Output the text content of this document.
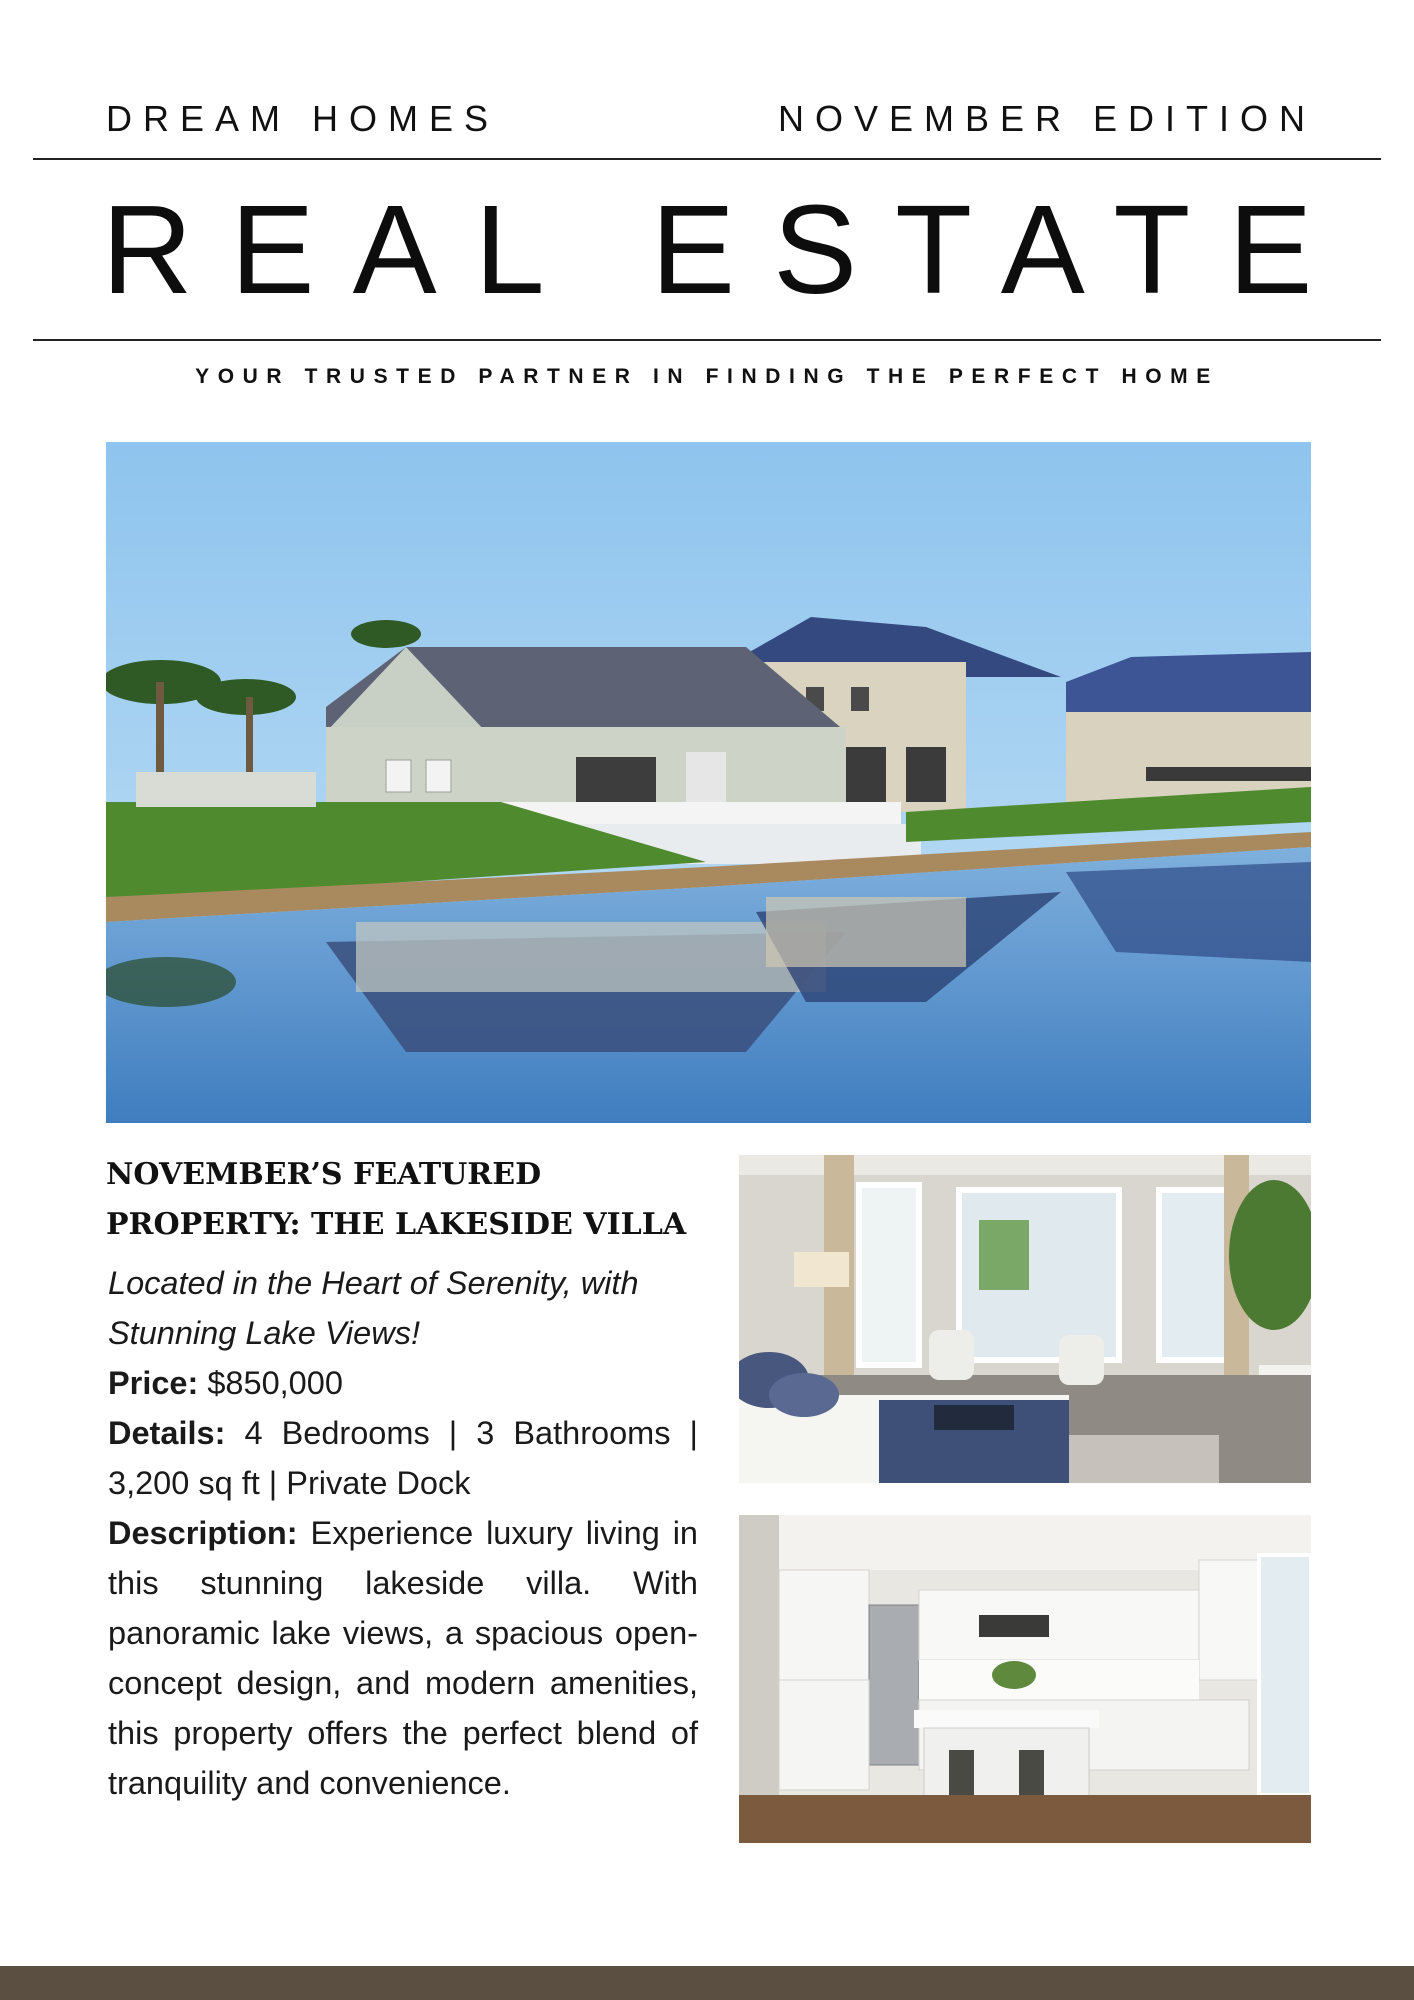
DREAM HOMES	NOVEMBER EDITION
REAL ESTATE
YOUR TRUSTED PARTNER IN FINDING THE PERFECT HOME
NOVEMBER’S FEATURED PROPERTY: THE LAKESIDE VILLA

Located in the Heart of Serenity, with Stunning Lake Views!

Price: $850,000

Details: 4 Bedrooms | 3 Bathrooms | 3,200 sq ft | Private Dock

Description: Experience luxury living in this stunning lakeside villa. With panoramic lake views, a spacious open-concept design, and modern amenities, this property offers the perfect blend of tranquility and convenience.
